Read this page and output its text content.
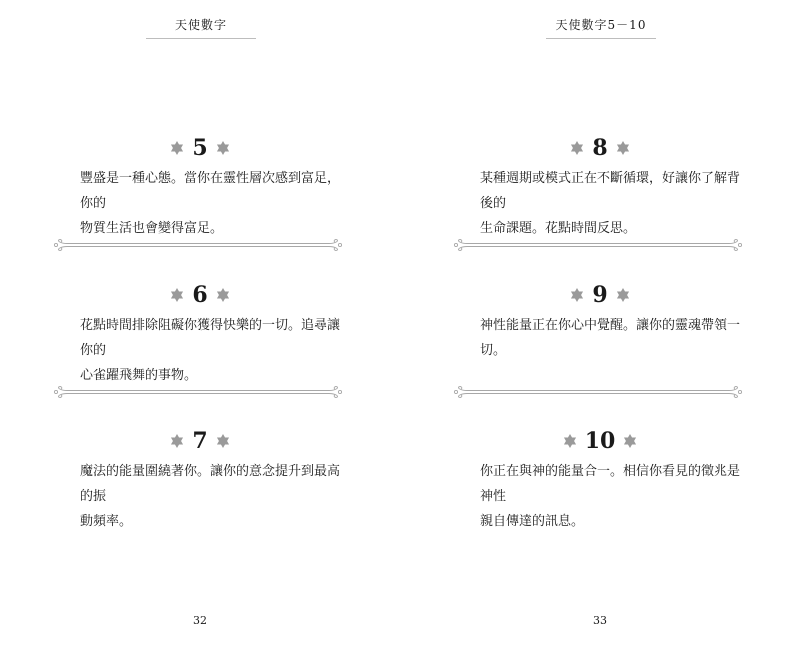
天使數字
5
豐盛是一種心態。當你在靈性層次感到富足，你的
物質生活也會變得富足。
6
花點時間排除阻礙你獲得快樂的一切。追尋讓你的
心雀躍飛舞的事物。
7
魔法的能量圍繞著你。讓你的意念提升到最高的振
動頻率。
32
天使數字5－10
8
某種週期或模式正在不斷循環，好讓你了解背後的
生命課題。花點時間反思。
9
神性能量正在你心中覺醒。讓你的靈魂帶領一切。
10
你正在與神的能量合一。相信你看見的徵兆是神性
親自傳達的訊息。
33
